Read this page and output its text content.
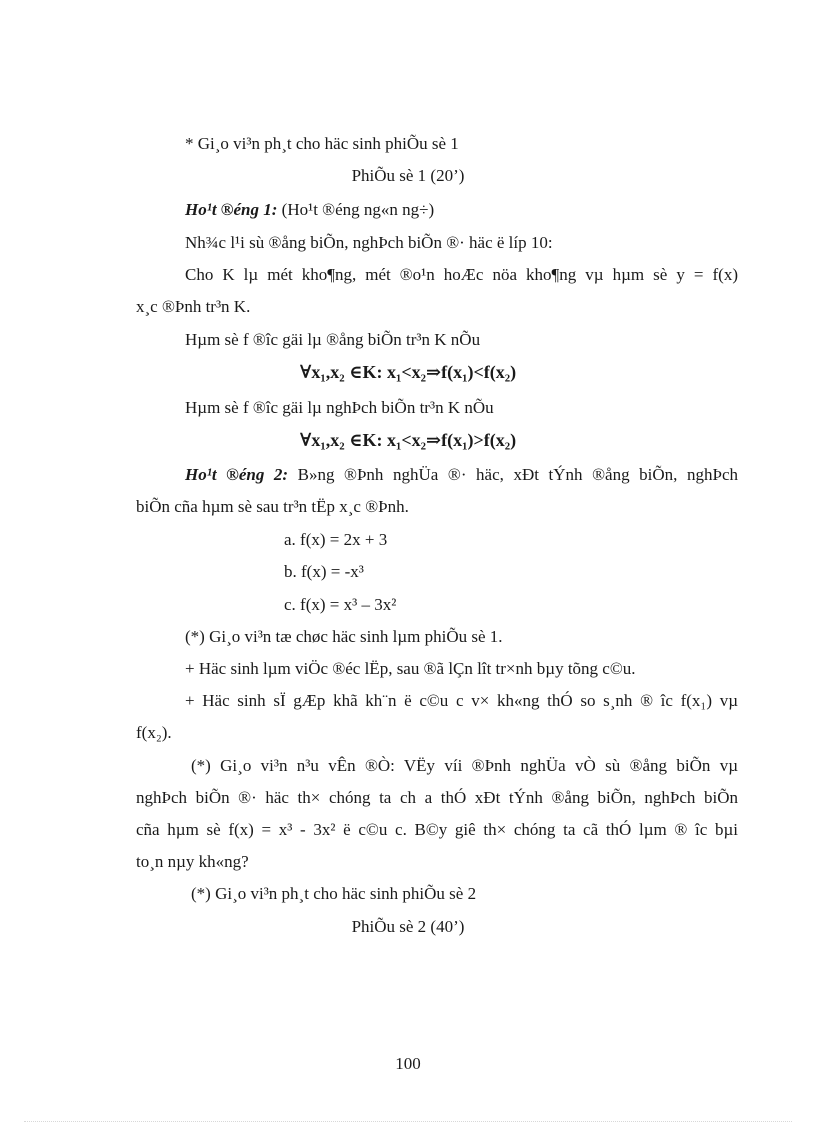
* Gi¸o vi³n ph¸t cho häc sinh phiÕu sè 1
PhiÕu sè 1 (20’)
Ho¹t ®éng 1: (Ho¹t ®éng ng«n ng÷)
Nh¾c l¹i sù ®ång biÕn, nghÞch biÕn ®· häc ë líp 10:
Cho K lµ mét kho¶ng, mét ®o¹n hoÆc nöa kho¶ng vµ hµm sè y = f(x)
x¸c ®Þnh tr³n K.
Hµm sè f ®îc gäi lµ ®ång biÕn tr³n K nÕu
∀x₁,x₂ ∈K: x₁<x₂⇒f(x₁)<f(x₂)
Hµm sè f ®îc gäi lµ nghÞch biÕn tr³n K nÕu
∀x₁,x₂ ∈K: x₁<x₂⇒f(x₁)>f(x₂)
Ho¹t ®éng 2: B»ng ®Þnh nghÜa ®· häc, xÐt tÝnh ®ång biÕn, nghÞch
biÕn cña hµm sè sau tr³n tËp x¸c ®Þnh.
a. f(x) = 2x + 3
b. f(x) = -x³
c. f(x) = x³ – 3x²
(*) Gi¸o vi³n tæ chøc häc sinh lµm phiÕu sè 1.
+ Häc sinh lµm viÖc ®éc lËp, sau ®ã lÇn lît tr×nh bµy tõng c©u.
+ Häc sinh sÏ gÆp khã kh¨n ë c©u c v× kh«ng thÓ so s¸nh ® îc f(x₁) vµ
f(x₂).
(*) Gi¸o vi³n n³u vÊn ®Ò: VËy víi ®Þnh nghÜa vÒ sù ®ång biÕn vµ
nghÞch biÕn ®· häc th× chóng ta ch a thÓ xÐt tÝnh ®ång biÕn, nghÞch biÕn
cña hµm sè f(x) = x³ - 3x² ë c©u c. B©y giê th× chóng ta cã thÓ lµm ® îc bµi
to¸n nµy kh«ng?
(*) Gi¸o vi³n ph¸t cho häc sinh phiÕu sè 2
PhiÕu sè 2 (40’)
100
